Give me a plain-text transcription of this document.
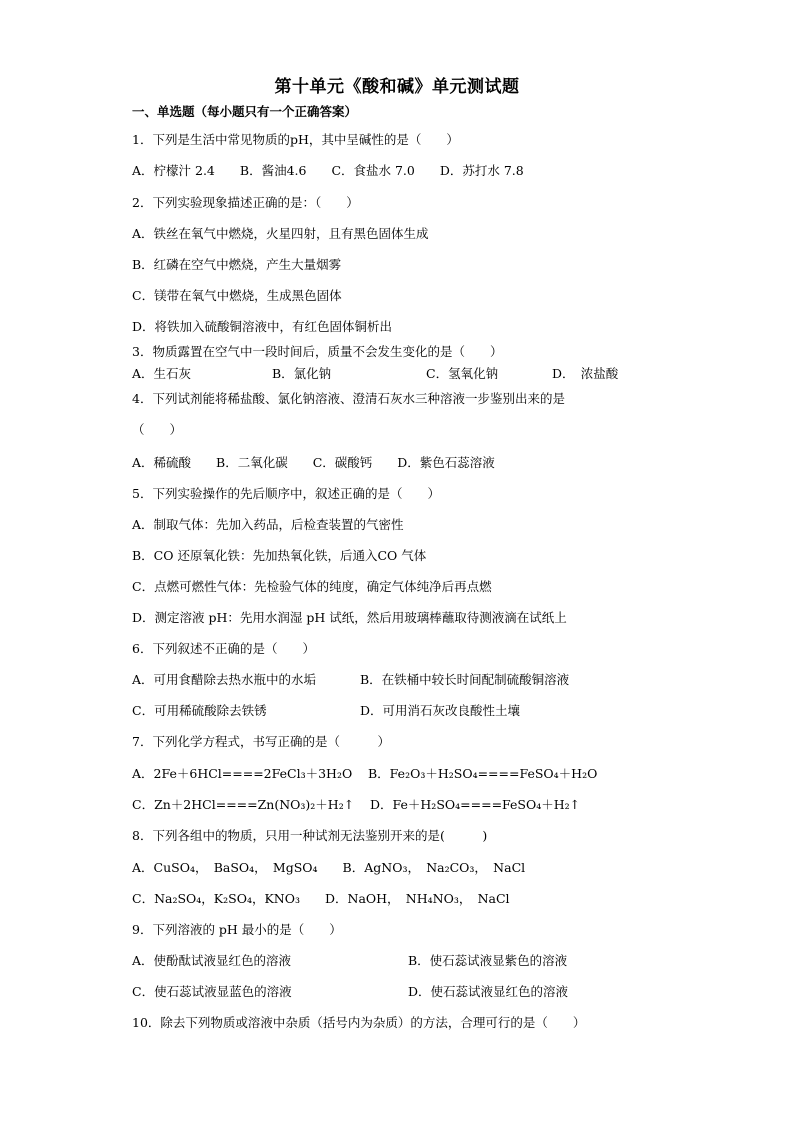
第十单元《酸和碱》单元测试题
一、单选题（每小题只有一个正确答案）
1．下列是生活中常见物质的pH，其中呈碱性的是（　　）
A．柠檬汁 2.4　　B．酱油4.6　　C．食盐水 7.0　　D．苏打水 7.8
2．下列实验现象描述正确的是：（　　）
A．铁丝在氧气中燃烧，火星四射，且有黑色固体生成
B．红磷在空气中燃烧，产生大量烟雾
C．镁带在氧气中燃烧，生成黑色固体
D．将铁加入硫酸铜溶液中，有红色固体铜析出
3．物质露置在空气中一段时间后，质量不会发生变化的是（　　）
A．生石灰	B．氯化钠	C．氢氧化钠	D．　浓盐酸
4．下列试剂能将稀盐酸、氯化钠溶液、澄清石灰水三种溶液一步鉴别出来的是
（　　）
A．稀硫酸　　B．二氧化碳　　C．碳酸钙　　D．紫色石蕊溶液
5．下列实验操作的先后顺序中，叙述正确的是（　　）
A．制取气体：先加入药品，后检查装置的气密性
B．CO 还原氧化铁：先加热氧化铁，后通入CO 气体
C．点燃可燃性气体：先检验气体的纯度，确定气体纯净后再点燃
D．测定溶液 pH：先用水润湿 pH 试纸，然后用玻璃棒蘸取待测液滴在试纸上
6．下列叙述不正确的是（　　）
A．可用食醋除去热水瓶中的水垢	B．在铁桶中较长时间配制硫酸铜溶液
C．可用稀硫酸除去铁锈	D．可用消石灰改良酸性土壤
7．下列化学方程式，书写正确的是（　　　）
A．2Fe＋6HCl====2FeCl₃＋3H₂O B．Fe₂O₃＋H₂SO₄====FeSO₄＋H₂O
C．Zn＋2HCl====Zn(NO₃)₂＋H₂↑ D．Fe＋H₂SO₄====FeSO₄＋H₂↑
8．下列各组中的物质，只用一种试剂无法鉴别开来的是(　　　)
A．CuSO₄，　BaSO₄，　MgSO₄　　B．AgNO₃，　Na₂CO₃，　NaCl
C．Na₂SO₄，K₂SO₄，KNO₃　　D．NaOH，　NH₄NO₃，　NaCl
9．下列溶液的 pH 最小的是（　　）
A．使酚酞试液显红色的溶液	B．使石蕊试液显紫色的溶液
C．使石蕊试液显蓝色的溶液	D．使石蕊试液显红色的溶液
10．除去下列物质或溶液中杂质（括号内为杂质）的方法，合理可行的是（　　）
